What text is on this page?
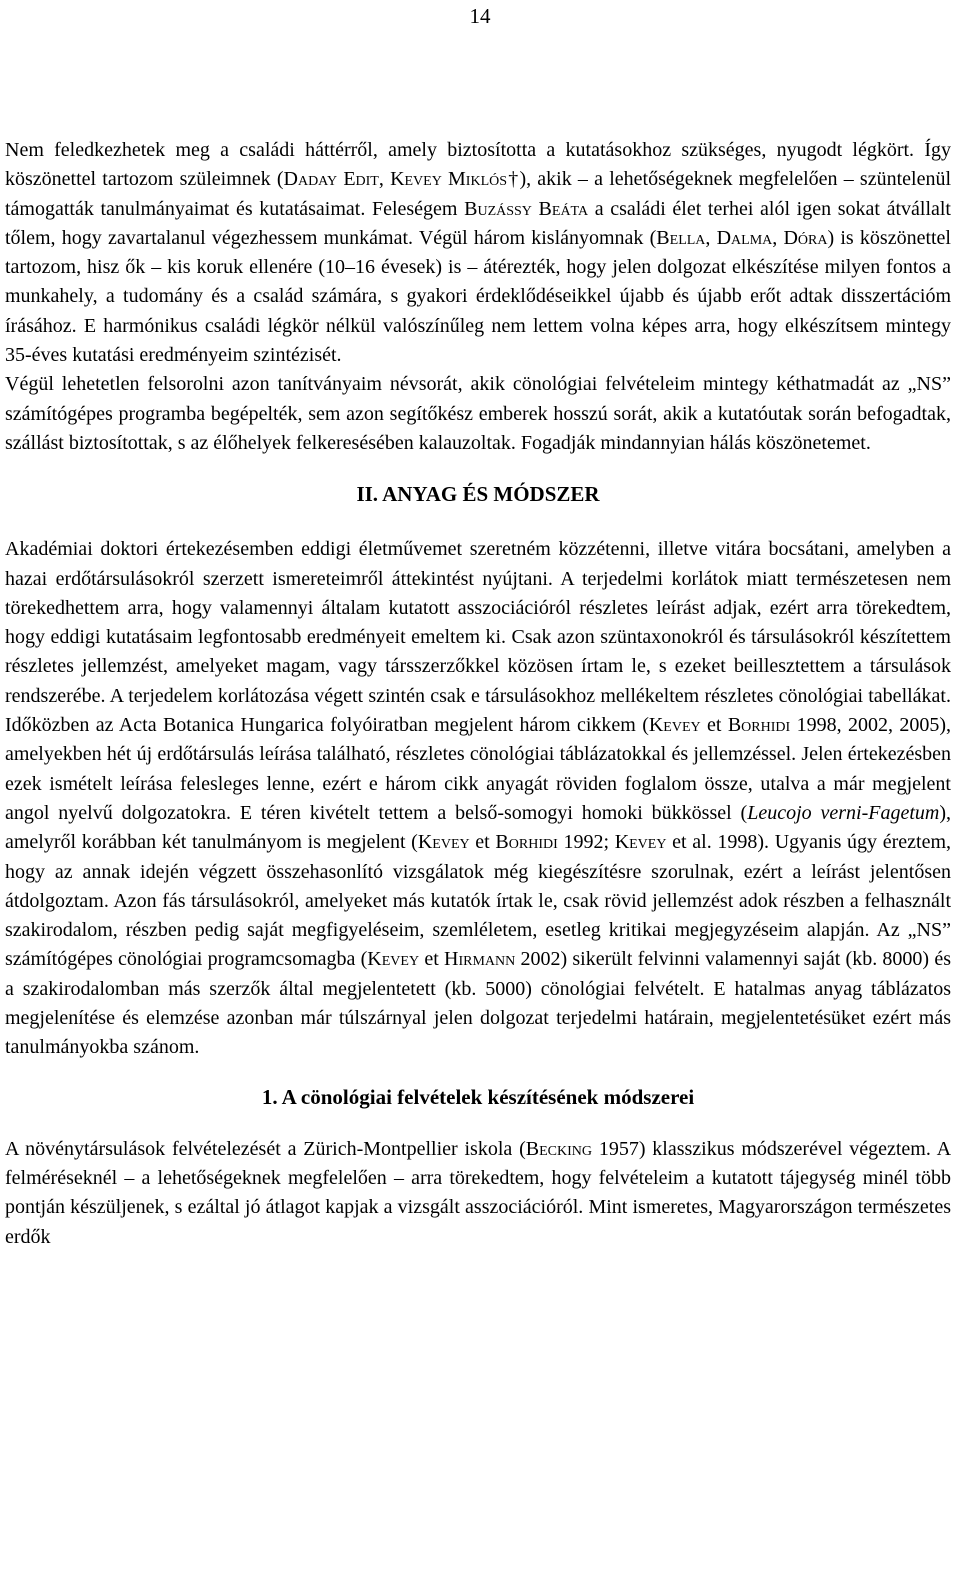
14

Nem feledkezhetek meg a családi háttérről, amely biztosította a kutatásokhoz szükséges, nyugodt légkört. Így köszönettel tartozom szüleimnek (Daday Edit, Kevey Miklós†), akik – a lehetőségeknek megfelelően – szüntelenül támogatták tanulmányaimat és kutatásaimat. Feleségem Buzássy Beáta a családi élet terhei alól igen sokat átvállalt tőlem, hogy zavartalanul végezhessem munkámat. Végül három kislányomnak (Bella, Dalma, Dóra) is köszönettel tartozom, hisz ők – kis koruk ellenére (10–16 évesek) is – átérezték, hogy jelen dolgozat elkészítése milyen fontos a munkahely, a tudomány és a család számára, s gyakori érdeklődéseikkel újabb és újabb erőt adtak disszertációm írásához. E harmónikus családi légkör nélkül valószínűleg nem lettem volna képes arra, hogy elkészítsem mintegy 35-éves kutatási eredményeim szintézisét.

Végül lehetetlen felsorolni azon tanítványaim névsorát, akik cönológiai felvételeim mintegy kéthatmadát az „NS” számítógépes programba begépelték, sem azon segítőkész emberek hosszú sorát, akik a kutatóutak során befogadtak, szállást biztosítottak, s az élőhelyek felkeresésében kalauzoltak. Fogadják mindannyian hálás köszönetemet.

II. ANYAG ÉS MÓDSZER

Akadémiai doktori értekezésemben eddigi életművemet szeretném közzétenni, illetve vitára bocsátani, amelyben a hazai erdőtársulásokról szerzett ismereteimről áttekintést nyújtani. A terjedelmi korlátok miatt természetesen nem törekedhettem arra, hogy valamennyi általam kutatott asszociációról részletes leírást adjak, ezért arra törekedtem, hogy eddigi kutatásaim legfontosabb eredményeit emeltem ki. Csak azon szüntaxonokról és társulásokról készítettem részletes jellemzést, amelyeket magam, vagy társszerzőkkel közösen írtam le, s ezeket beillesztettem a társulások rendszerébe. A terjedelem korlátozása végett szintén csak e társulásokhoz mellékeltem részletes cönológiai tabellákat. Időközben az Acta Botanica Hungarica folyóiratban megjelent három cikkem (Kevey et Borhidi 1998, 2002, 2005), amelyekben hét új erdőtársulás leírása található, részletes cönológiai táblázatokkal és jellemzéssel. Jelen értekezésben ezek ismételt leírása felesleges lenne, ezért e három cikk anyagát röviden foglalom össze, utalva a már megjelent angol nyelvű dolgozatokra. E téren kivételt tettem a belső-somogyi homoki bükkössel (Leucojo verni-Fagetum), amelyről korábban két tanulmányom is megjelent (Kevey et Borhidi 1992; Kevey et al. 1998). Ugyanis úgy éreztem, hogy az annak idején végzett összehasonlító vizsgálatok még kiegészítésre szorulnak, ezért a leírást jelentősen átdolgoztam. Azon fás társulásokról, amelyeket más kutatók írtak le, csak rövid jellemzést adok részben a felhasznált szakirodalom, részben pedig saját megfigyeléseim, szemléletem, esetleg kritikai megjegyzéseim alapján. Az „NS” számítógépes cönológiai programcsomagba (Kevey et Hirmann 2002) sikerült felvinni valamennyi saját (kb. 8000) és a szakirodalomban más szerzők által megjelentetett (kb. 5000) cönológiai felvételt. E hatalmas anyag táblázatos megjelenítése és elemzése azonban már túlszárnyal jelen dolgozat terjedelmi határain, megjelentetésüket ezért más tanulmányokba szánom.

1. A cönológiai felvételek készítésének módszerei

A növénytársulások felvételezését a Zürich-Montpellier iskola (Becking 1957) klasszikus módszerével végeztem. A felméréseknél – a lehetőségeknek megfelelően – arra törekedtem, hogy felvételeim a kutatott tájegység minél több pontján készüljenek, s ezáltal jó átlagot kapjak a vizsgált asszociációról. Mint ismeretes, Magyarországon természetes erdők
